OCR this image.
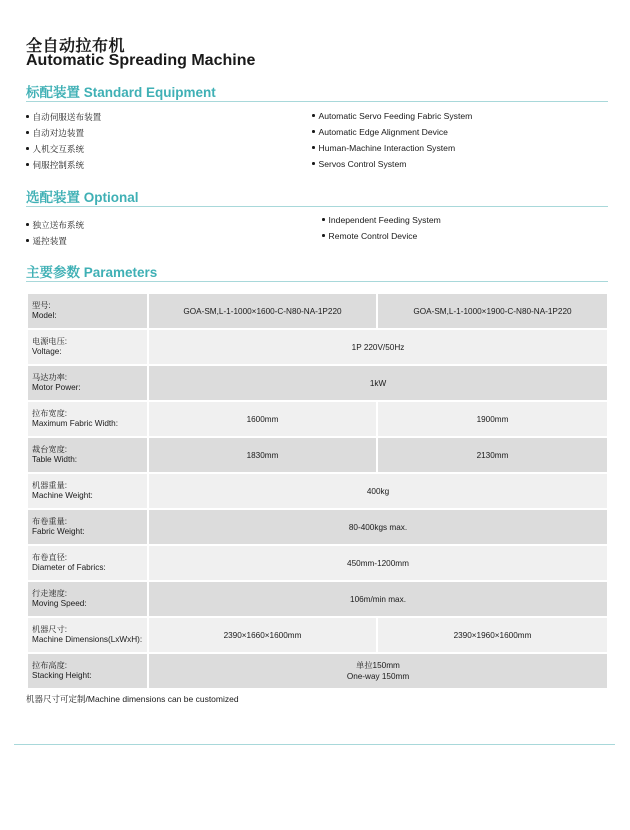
全自动拉布机
Automatic Spreading Machine
标配装置 Standard Equipment
自动伺服送布装置
自动对边装置
人机交互系统
伺服控制系统
Automatic Servo Feeding Fabric System
Automatic Edge Alignment Device
Human-Machine Interaction System
Servos Control System
选配装置 Optional
独立送布系统
遥控装置
Independent Feeding System
Remote Control Device
主要参数 Parameters
型号:
Model:	GOA-SM,L-1-1000×1600-C-N80-NA-1P220	GOA-SM,L-1-1000×1900-C-N80-NA-1P220

电源电压:
Voltage:	1P 220V/50Hz	

马达功率:
Motor Power:	1kW	

拉布宽度:
Maximum Fabric Width:	1600mm	1900mm

裁台宽度:
Table Width:	1830mm	2130mm

机器重量:
Machine Weight:	400kg	

布卷重量:
Fabric Weight:	80-400kgs max.	

布卷直径:
Diameter of Fabrics:	450mm-1200mm	

行走速度:
Moving Speed:	106m/min max.	

机器尺寸:
Machine Dimensions(LxWxH):	2390×1660×1600mm	2390×1960×1600mm

拉布高度:
Stacking Height:	单拉150mm
One-way 150mm	
机器尺寸可定制/Machine dimensions can be customized
